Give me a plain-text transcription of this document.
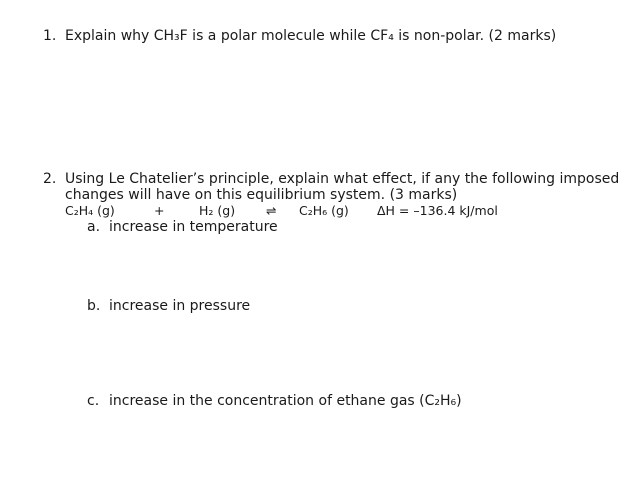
1. Explain why CH₃F is a polar molecule while CF₄ is non-polar. (2 marks)
2. Using Le Chatelier’s principle, explain what effect, if any the following imposed
changes will have on this equilibrium system. (3 marks)
C₂H₄ (g)	+	H₂ (g) ⇌ C₂H₆ (g) ΔH = –136.4 kJ/mol
a. increase in temperature
b. increase in pressure
c. increase in the concentration of ethane gas (C₂H₆)
